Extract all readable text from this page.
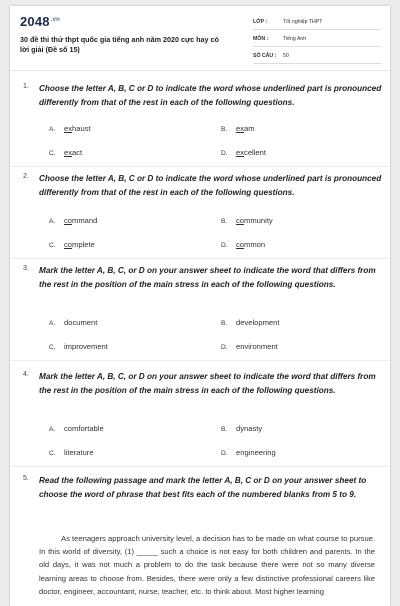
$2048^{.vn}$
30 đề thi thử thpt quốc gia tiếng anh năm 2020 cực hay có lời giải (Đề số 15)
LỚP :	Tốt nghiệp THPT
MÔN :	Tiếng Anh
SỐ CÂU : 50
1. Choose the letter A, B, C or D to indicate the word whose underlined part is pronounced differently from that of the rest in each of the following questions.
A. exhaust	B. exam
C. exact	D. excellent
2. Choose the letter A, B, C or D to indicate the word whose underlined part is pronounced differently from that of the rest in each of the following questions.
A. command	B. community
C. complete	D. common
3. Mark the letter A, B, C, or D on your answer sheet to indicate the word that differs from the rest in the position of the main stress in each of the following questions.
A. document	B. development
C. improvement	D. environment
4. Mark the letter A, B, C, or D on your answer sheet to indicate the word that differs from the rest in the position of the main stress in each of the following questions.
A. comfortable	B. dynasty
C. literature	D. engineering
5. Read the following passage and mark the letter A, B, C or D on your answer sheet to choose the word of phrase that best fits each of the numbered blanks from 5 to 9.

As teenagers approach university level, a decision has to be made on what course to pursue. In this world of diversity, (1) _____ such a choice is not easy for both children and parents. In the old days, it was not much a problem to do the task because there were not so many diverse learning areas to choose from. Besides, there were only a few distinctive professional careers like doctor, engineer, accountant, nurse, teacher, etc. to think about. Most higher learning
